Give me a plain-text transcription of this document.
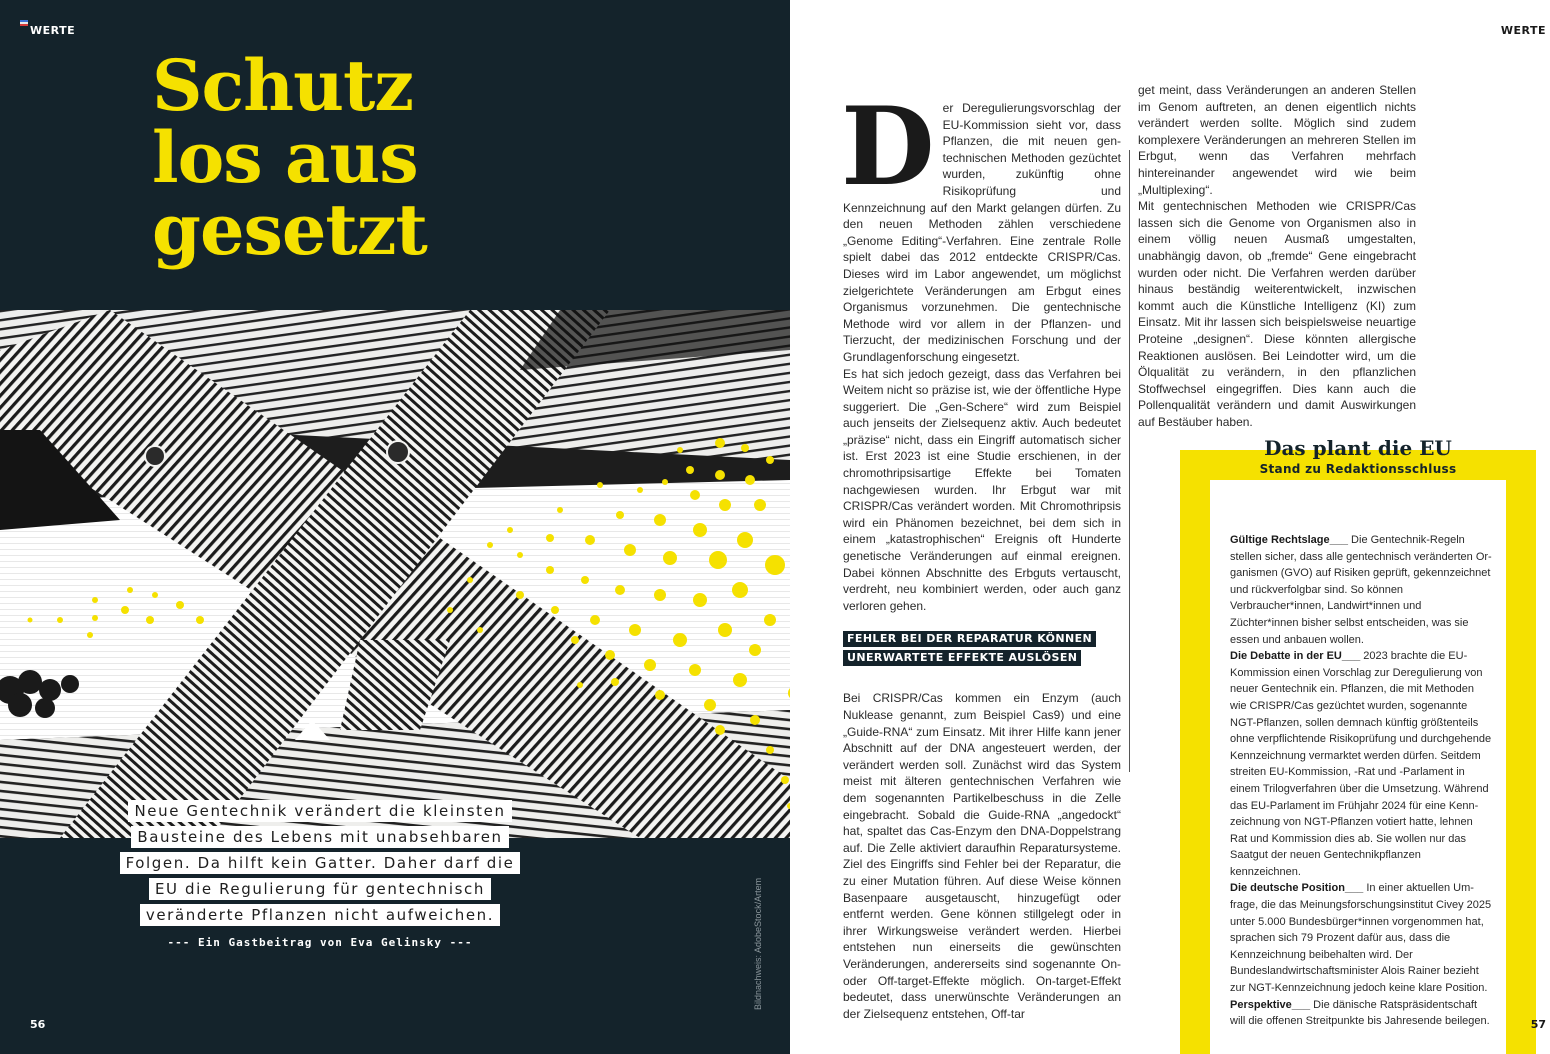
WERTE
Schutz
los aus
gesetzt
Neue Gentechnik verändert die kleinsten
Bausteine des Lebens mit unabsehbaren
Folgen. Da hilft kein Gatter. Daher darf die
EU die Regulierung für gentechnisch
veränderte Pflanzen nicht aufweichen.
--- Ein Gastbeitrag von Eva Gelinsky ---	Bildnachweis: AdobeStock/Artem
56
WERTE
D er Deregulierungsvorschlag der EU-Kommission sieht vor, dass Pflanzen, die mit neuen gentechnischen Methoden gezüchtet wurden, zukünftig ohne Risikoprüfung und Kennzeichnung auf den Markt gelangen dürfen. Zu den neuen Methoden zählen verschiedene „Genome Editing“-Verfahren. Eine zentrale Rolle spielt dabei das 2012 entdeckte CRISPR/Cas. Dieses wird im Labor angewendet, um möglichst zielgerichtete Veränderungen am Erbgut eines Organismus vorzunehmen. Die gentechnische Methode wird vor allem in der Pflanzen- und Tierzucht, der medizinischen Forschung und der Grundlagenforschung eingesetzt.

Es hat sich jedoch gezeigt, dass das Verfahren bei Weitem nicht so präzise ist, wie der öffentliche Hype suggeriert. Die „Gen-Schere“ wird zum Beispiel auch jenseits der Zielsequenz aktiv. Auch bedeutet „präzise“ nicht, dass ein Eingriff automatisch sicher ist. Erst 2023 ist eine Studie erschienen, in der chromothripsisartige Effekte bei Tomaten nachgewiesen wurden. Ihr Erbgut war mit CRISPR/Cas verändert worden. Mit Chromothripsis wird ein Phänomen bezeichnet, bei dem sich in einem „katastrophischen“ Ereignis oft Hunderte genetische Veränderungen auf einmal ereignen. Dabei können Abschnitte des Erbguts vertauscht, verdreht, neu kombiniert werden, oder auch ganz verloren gehen.

FEHLER BEI DER REPARATUR KÖNNEN
UNERWARTETE EFFEKTE AUSLÖSEN

Bei CRISPR/Cas kommen ein Enzym (auch Nuklease genannt, zum Beispiel Cas9) und eine „Guide-RNA“ zum Einsatz. Mit ihrer Hilfe kann jener Abschnitt auf der DNA angesteuert werden, der verändert werden soll. Zunächst wird das System meist mit älteren gentechnischen Verfahren wie dem sogenannten Partikelbeschuss in die Zelle eingebracht. Sobald die Guide-RNA „angedockt“ hat, spaltet das Cas-Enzym den DNA-Doppelstrang auf. Die Zelle aktiviert daraufhin Reparatursysteme. Ziel des Eingriffs sind Fehler bei der Reparatur, die zu einer Mutation führen. Auf diese Weise können Basenpaare ausgetauscht, hinzugefügt oder entfernt werden. Gene können stillgelegt oder in ihrer Wirkungsweise verändert werden. Hierbei entstehen nun einerseits die gewünschten Veränderungen, andererseits sind sogenannte On- oder Off-target-Effekte möglich. On-target-Effekt bedeutet, dass unerwünschte Veränderungen an der Zielsequenz entstehen, Off-tar

get meint, dass Veränderungen an anderen Stellen im Genom auftreten, an denen eigentlich nichts verändert werden sollte. Möglich sind zudem komplexere Veränderungen an mehreren Stellen im Erbgut, wenn das Verfahren mehrfach hintereinander angewendet wird wie beim „Multiplexing“.

Mit gentechnischen Methoden wie CRISPR/Cas lassen sich die Genome von Organismen also in einem völlig neuen Ausmaß umgestalten, unabhängig davon, ob „fremde“ Gene eingebracht wurden oder nicht. Die Verfahren werden darüber hinaus beständig weiterentwickelt, inzwischen kommt auch die Künstliche Intelligenz (KI) zum Einsatz. Mit ihr lassen sich beispielsweise neuartige Proteine „designen“. Diese könnten allergische Reaktionen auslösen. Bei Leindotter wird, um die Ölqualität zu verändern, in den pflanzlichen Stoffwechsel eingegriffen. Dies kann auch die Pollenqualität verändern und damit Auswirkungen auf Bestäuber haben.

Das plant die EU
Stand zu Redaktionsschluss

Gültige Rechtslage___ Die Gentechnik-Regeln stellen sicher, dass alle gentechnisch veränderten Organismen (GVO) auf Risiken geprüft, gekennzeichnet und rückverfolgbar sind. So können Verbraucher*innen, Landwirt*innen und Züchter*innen bisher selbst entscheiden, was sie essen und anbauen wollen.

Die Debatte in der EU___ 2023 brachte die EU-Kommission einen Vorschlag zur Deregulierung von neuer Gentechnik ein. Pflanzen, die mit Methoden wie CRISPR/Cas gezüchtet wurden, sogenannte NGT-Pflanzen, sollen demnach künftig größtenteils ohne verpflichtende Risikoprüfung und durchgehende Kennzeichnung vermarktet werden dürfen. Seitdem streiten EU-Kommission, -Rat und -Parlament in einem Trilogverfahren über die Umsetzung. Während das EU-Parlament im Frühjahr 2024 für eine Kennzeichnung von NGT-Pflanzen votiert hatte, lehnen Rat und Kommission dies ab. Sie wollen nur das Saatgut der neuen Gentechnikpflanzen kennzeichnen.

Die deutsche Position___ In einer aktuellen Umfrage, die das Meinungsforschungsinstitut Civey 2025 unter 5.000 Bundesbürger*innen vorgenommen hat, sprachen sich 79 Prozent dafür aus, dass die Kennzeichnung beibehalten wird. Der Bundeslandwirtschaftsminister Alois Rainer bezieht zur NGT-Kennzeichnung jedoch keine klare Position.

Perspektive___ Die dänische Ratspräsidentschaft will die offenen Streitpunkte bis Jahresende beilegen.	57
